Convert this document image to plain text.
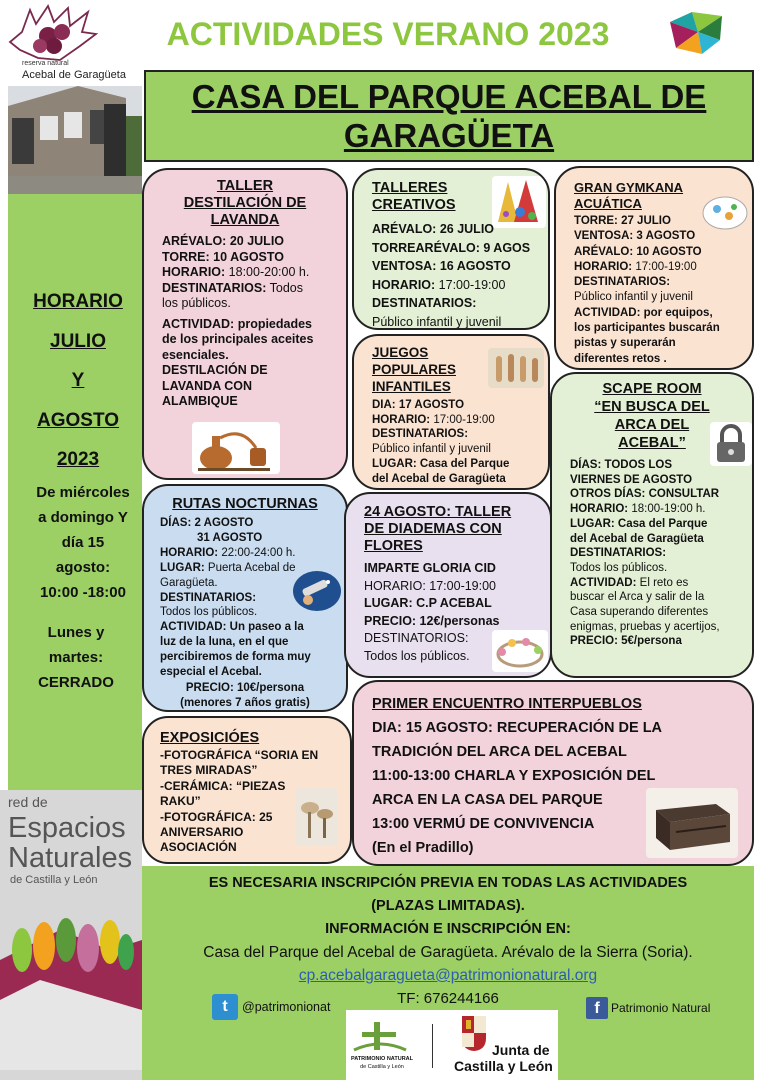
reserva natural
Acebal de Garagüeta
ACTIVIDADES VERANO 2023
CASA DEL PARQUE ACEBAL DE
GARAGÜETA
HORARIO
JULIO
Y
AGOSTO
2023
De miércoles
a domingo Y
día 15
agosto:
10:00 -18:00
Lunes y
martes:
CERRADO
red de
Espacios
Naturales
de Castilla y León
TALLER
DESTILACIÓN DE
LAVANDA
ARÉVALO: 20 JULIO
TORRE: 10 AGOSTO
HORARIO: 18:00-20:00 h.
DESTINATARIOS: Todos
los públicos.
ACTIVIDAD: propiedades
de los principales aceites
esenciales.
DESTILACIÓN DE
LAVANDA CON
ALAMBIQUE
TALLERES
CREATIVOS
ARÉVALO: 26 JULIO
TORREARÉVALO: 9 AGOS
VENTOSA: 16 AGOSTO
HORARIO: 17:00-19:00
DESTINATARIOS:
Público infantil y juvenil
GRAN GYMKANA
ACUÁTICA
TORRE: 27 JULIO
VENTOSA: 3 AGOSTO
ARÉVALO: 10 AGOSTO
HORARIO: 17:00-19:00
DESTINATARIOS:
Público infantil y juvenil
ACTIVIDAD: por equipos,
los participantes buscarán
pistas y superarán
diferentes retos .
JUEGOS
POPULARES
INFANTILES
DIA: 17 AGOSTO
HORARIO: 17:00-19:00
DESTINATARIOS:
Público infantil y juvenil
LUGAR: Casa del Parque
del Acebal de Garagüeta
SCAPE ROOM
“EN BUSCA DEL
ARCA DEL
ACEBAL”
DÍAS: TODOS LOS
VIERNES DE AGOSTO
OTROS DÍAS: CONSULTAR
HORARIO: 18:00-19:00 h.
LUGAR: Casa del Parque
del Acebal de Garagüeta
DESTINATARIOS:
Todos los públicos.
ACTIVIDAD: El reto es
buscar el Arca y salir de la
Casa superando diferentes
enigmas, pruebas y acertijos,
PRECIO: 5€/persona
RUTAS NOCTURNAS
DÍAS: 2 AGOSTO
31 AGOSTO
HORARIO: 22:00-24:00 h.
LUGAR: Puerta Acebal de
Garagüeta.
DESTINATARIOS:
Todos los públicos.
ACTIVIDAD: Un paseo a la
luz de la luna, en el que
percibiremos de forma muy
especial el Acebal.
PRECIO: 10€/persona
(menores 7 años gratis)
24 AGOSTO: TALLER
DE DIADEMAS CON
FLORES
IMPARTE GLORIA CID
HORARIO: 17:00-19:00
LUGAR: C.P ACEBAL
PRECIO: 12€/personas
DESTINATORIOS:
Todos los públicos.
EXPOSICIÓES
-FOTOGRÁFICA “SORIA EN
TRES MIRADAS”
-CERÁMICA: “PIEZAS
RAKU”
-FOTOGRÁFICA: 25
ANIVERSARIO
ASOCIACIÓN
PRIMER ENCUENTRO INTERPUEBLOS
DIA: 15 AGOSTO: RECUPERACIÓN DE LA
TRADICIÓN DEL ARCA DEL ACEBAL
11:00-13:00 CHARLA Y EXPOSICIÓN DEL
ARCA EN LA CASA DEL PARQUE
13:00 VERMÚ DE CONVIVENCIA
(En el Pradillo)
ES NECESARIA INSCRIPCIÓN PREVIA EN TODAS LAS ACTIVIDADES
(PLAZAS LIMITADAS).
INFORMACIÓN E INSCRIPCIÓN EN:
Casa del Parque del Acebal de Garagüeta. Arévalo de la Sierra (Soria).
cp.acebalgaragueta@patrimonionatural.org
TF: 676244166
t	@patrimonionat	f Patrimonio Natural
PATRIMONIO NATURAL
de Castilla y León
Junta de
Castilla y León
